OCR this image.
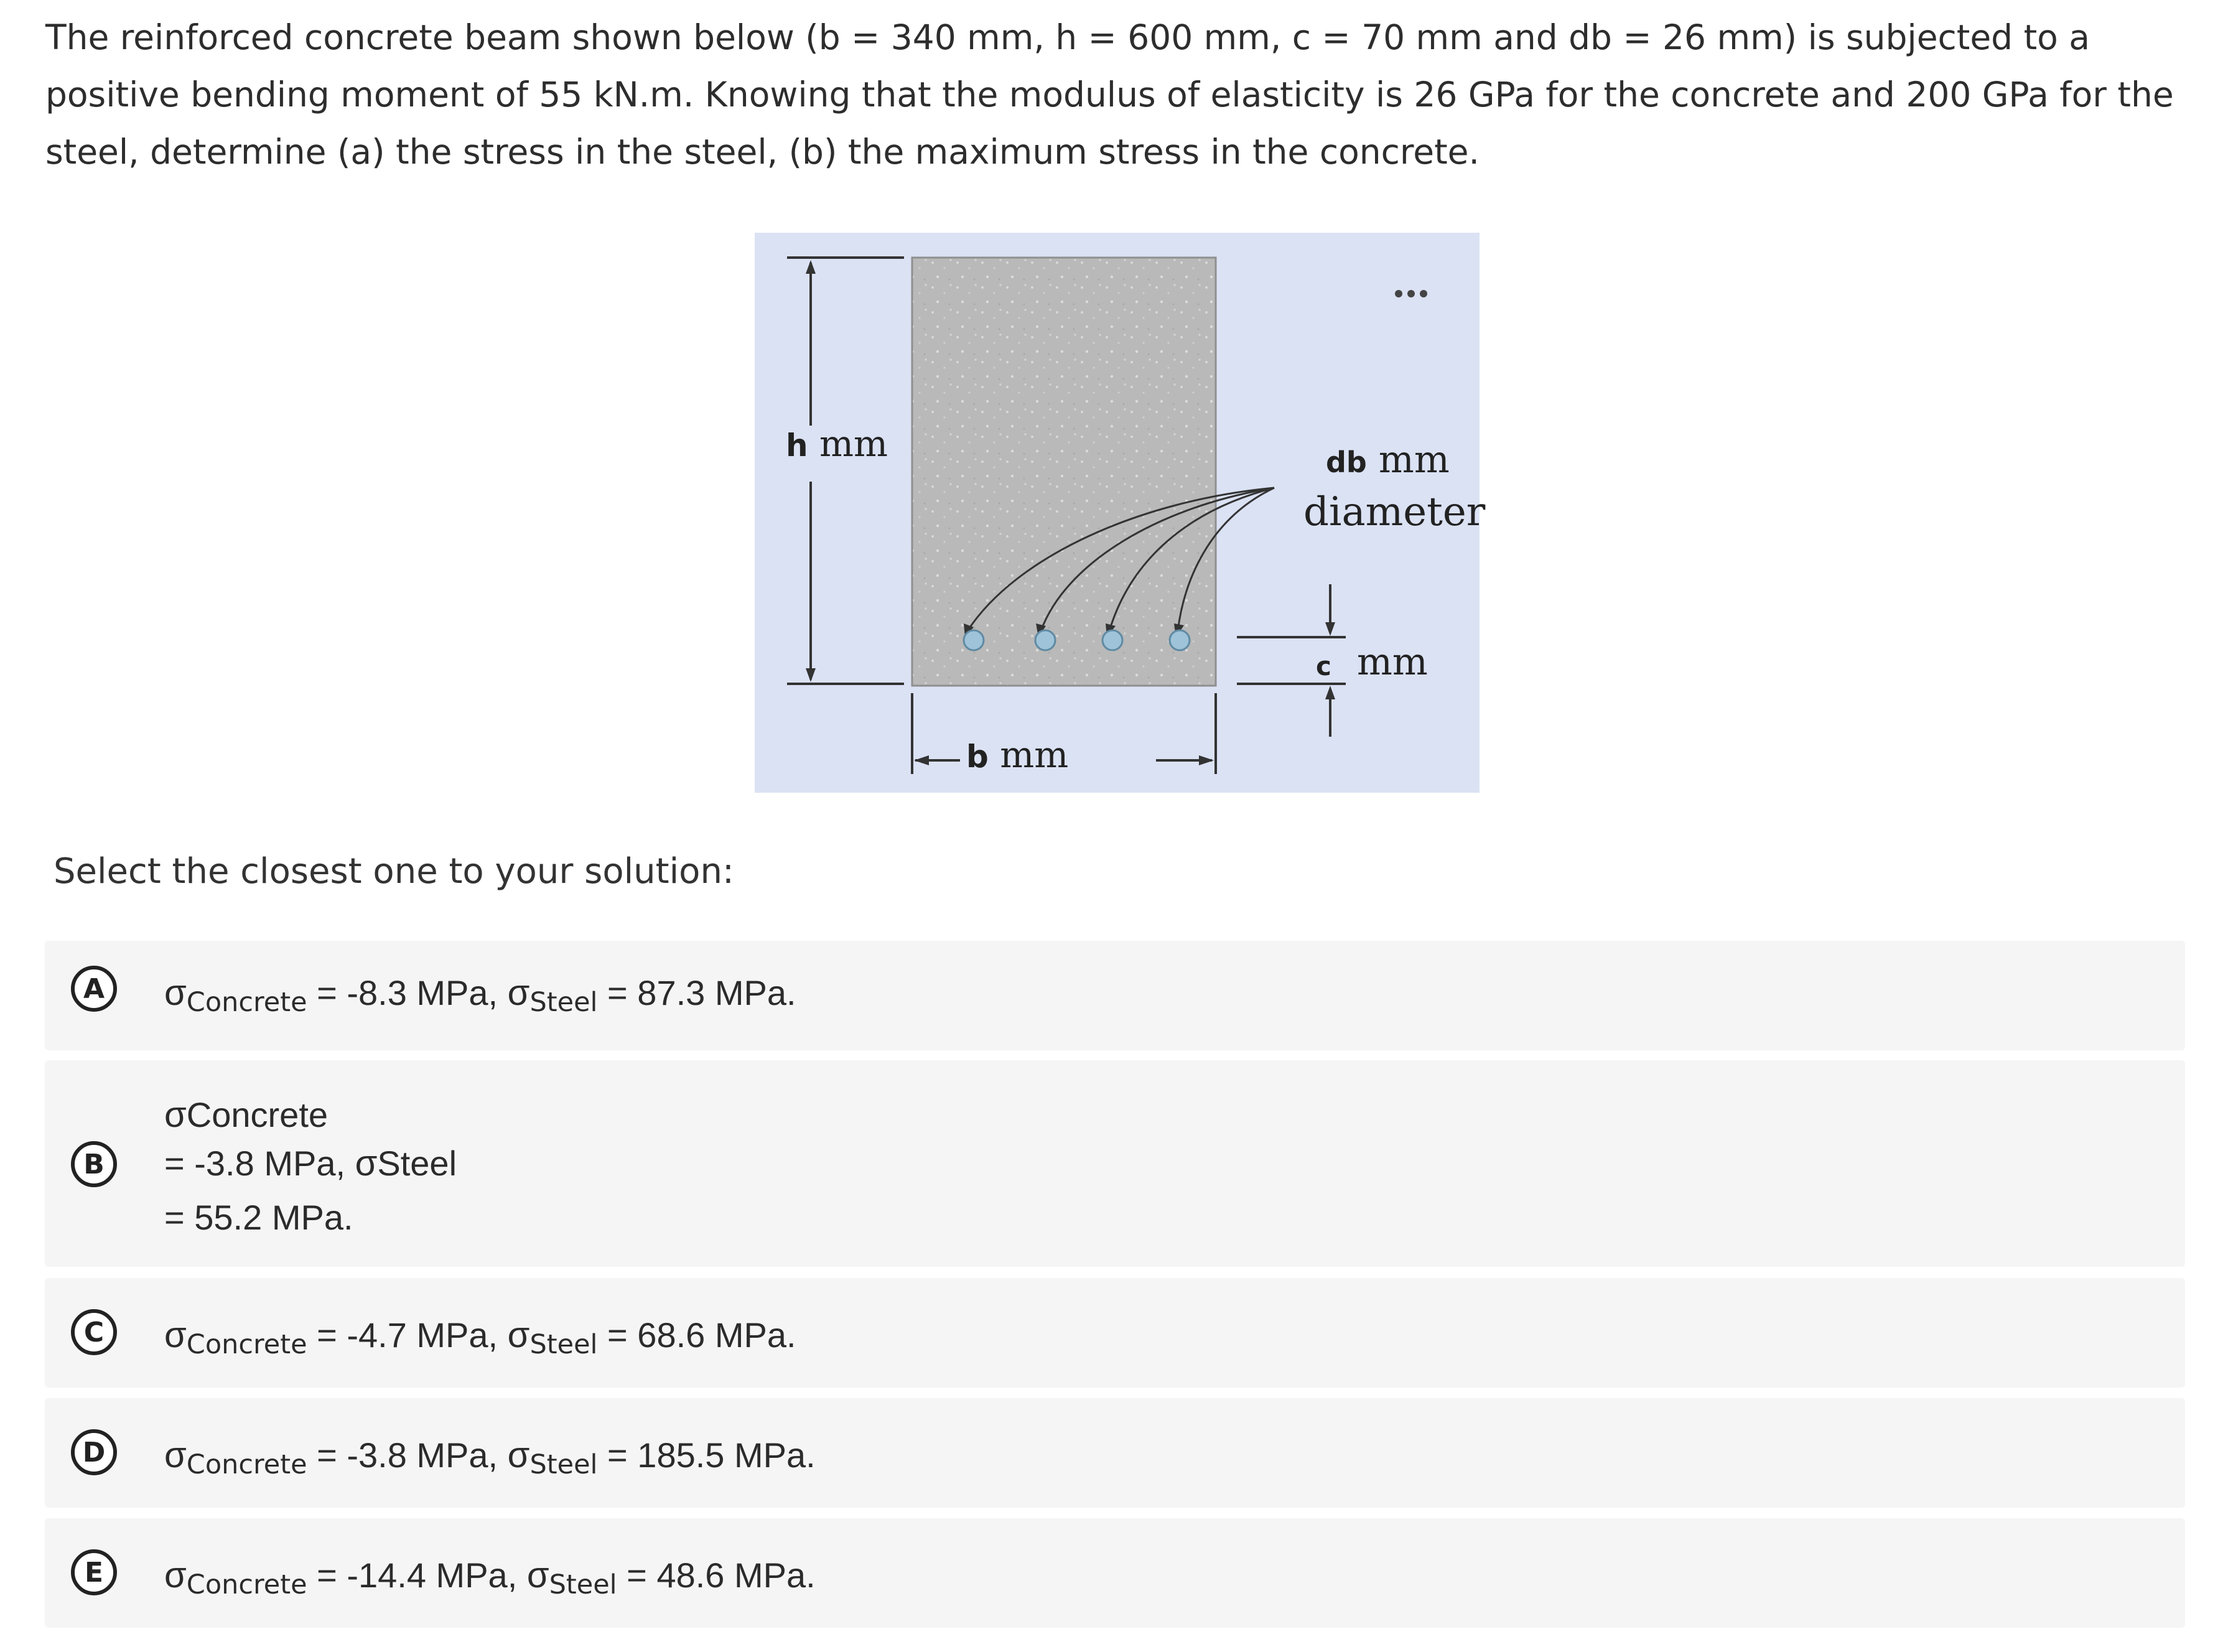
The reinforced concrete beam shown below (b = 340 mm, h = 600 mm, c = 70 mm and db = 26 mm) is subjected to a positive bending moment of 55 kN.m. Knowing that the modulus of elasticity is 26 GPa for the concrete and 200 GPa for the steel, determine (a) the stress in the steel, (b) the maximum stress in the concrete.
h mm
b mm
db mm
diameter
c mm
Select the closest one to your solution:
A	σConcrete = -8.3 MPa, σSteel = 87.3 MPa.
B
σConcrete
= -3.8 MPa, σSteel
= 55.2 MPa.
C	σConcrete = -4.7 MPa, σSteel = 68.6 MPa.
D	σConcrete = -3.8 MPa, σSteel = 185.5 MPa.
E	σConcrete = -14.4 MPa, σSteel = 48.6 MPa.
